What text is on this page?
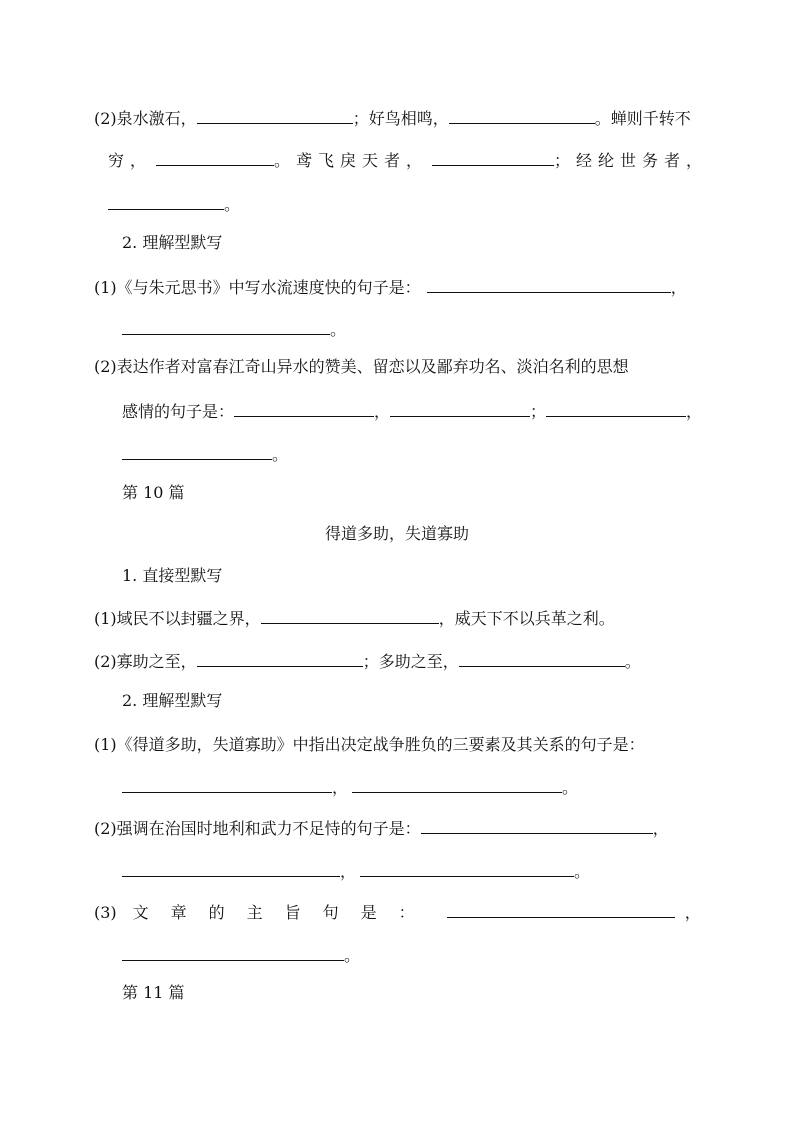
(2)泉水激石，	；好鸟相鸣，	。蝉则千转不
穷，	。鸢飞戾天者，	；经纶世务者，
。
2. 理解型默写
(1)《与朱元思书》中写水流速度快的句子是：	，
。
(2)表达作者对富春江奇山异水的赞美、留恋以及鄙弃功名、淡泊名利的思想
感情的句子是：	，	；	，
。
第 10 篇
得道多助，失道寡助
1. 直接型默写
(1)域民不以封疆之界，	，威天下不以兵革之利。
(2)寡助之至，	；多助之至，	。
2. 理解型默写
(1)《得道多助，失道寡助》中指出决定战争胜负的三要素及其关系的句子是：
，	。
(2)强调在治国时地利和武力不足恃的句子是：	，
，	。
(3) 文章的主旨句是：	，
。
第 11 篇
